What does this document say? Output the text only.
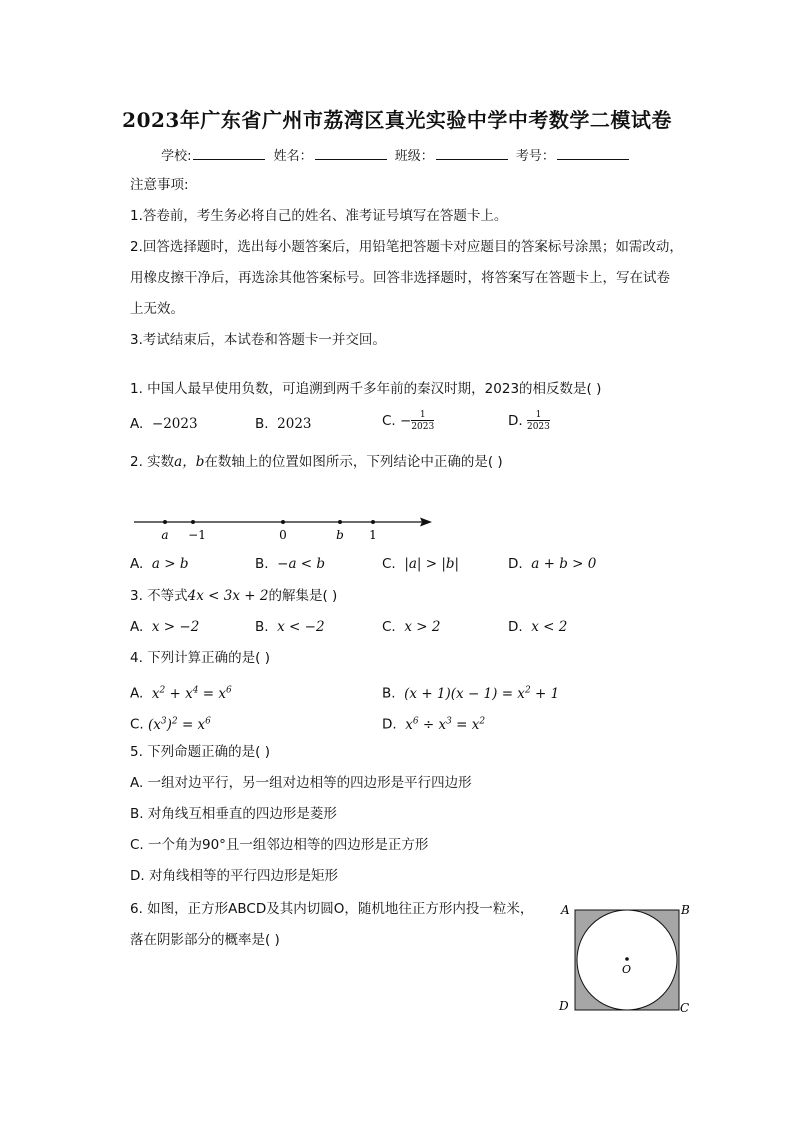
2023年广东省广州市荔湾区真光实验中学中考数学二模试卷
学校:	姓名：	班级：	考号：
注意事项:
1.答卷前，考生务必将自己的姓名、准考证号填写在答题卡上。
2.回答选择题时，选出每小题答案后，用铅笔把答题卡对应题目的答案标号涂黑；如需改动，
用橡皮擦干净后，再选涂其他答案标号。回答非选择题时，将答案写在答题卡上，写在试卷
上无效。
3.考试结束后，本试卷和答题卡一并交回。
1. 中国人最早使用负数，可追溯到两千多年前的秦汉时期，2023的相反数是( )
A. −2023	B. 2023	C. − $\frac{1}{2023}$	D. $\frac{1}{2023}$
2. 实数a，b在数轴上的位置如图所示，下列结论中正确的是( )
a −1	0	b 1
A. a > b	B. −a < b	C. |a| > |b|	D. a + b > 0
3. 不等式4x < 3x + 2的解集是( )
A. x > −2	B. x < −2	C. x > 2	D. x < 2
4. 下列计算正确的是( )
A. $x^2 + x^4 = x^6$	B. $(x + 1)(x - 1) = x^2 + 1$
C. $(x^3)^2 = x^6$	D. $x^6 \div x^3 = x^2$
5. 下列命题正确的是( )
A. 一组对边平行，另一组对边相等的四边形是平行四边形
B. 对角线互相垂直的四边形是菱形
C. 一个角为90°且一组邻边相等的四边形是正方形
D. 对角线相等的平行四边形是矩形
6. 如图，正方形ABCD及其内切圆O，随机地往正方形内投一粒米，
落在阴影部分的概率是( )
A	B
C
D
O
